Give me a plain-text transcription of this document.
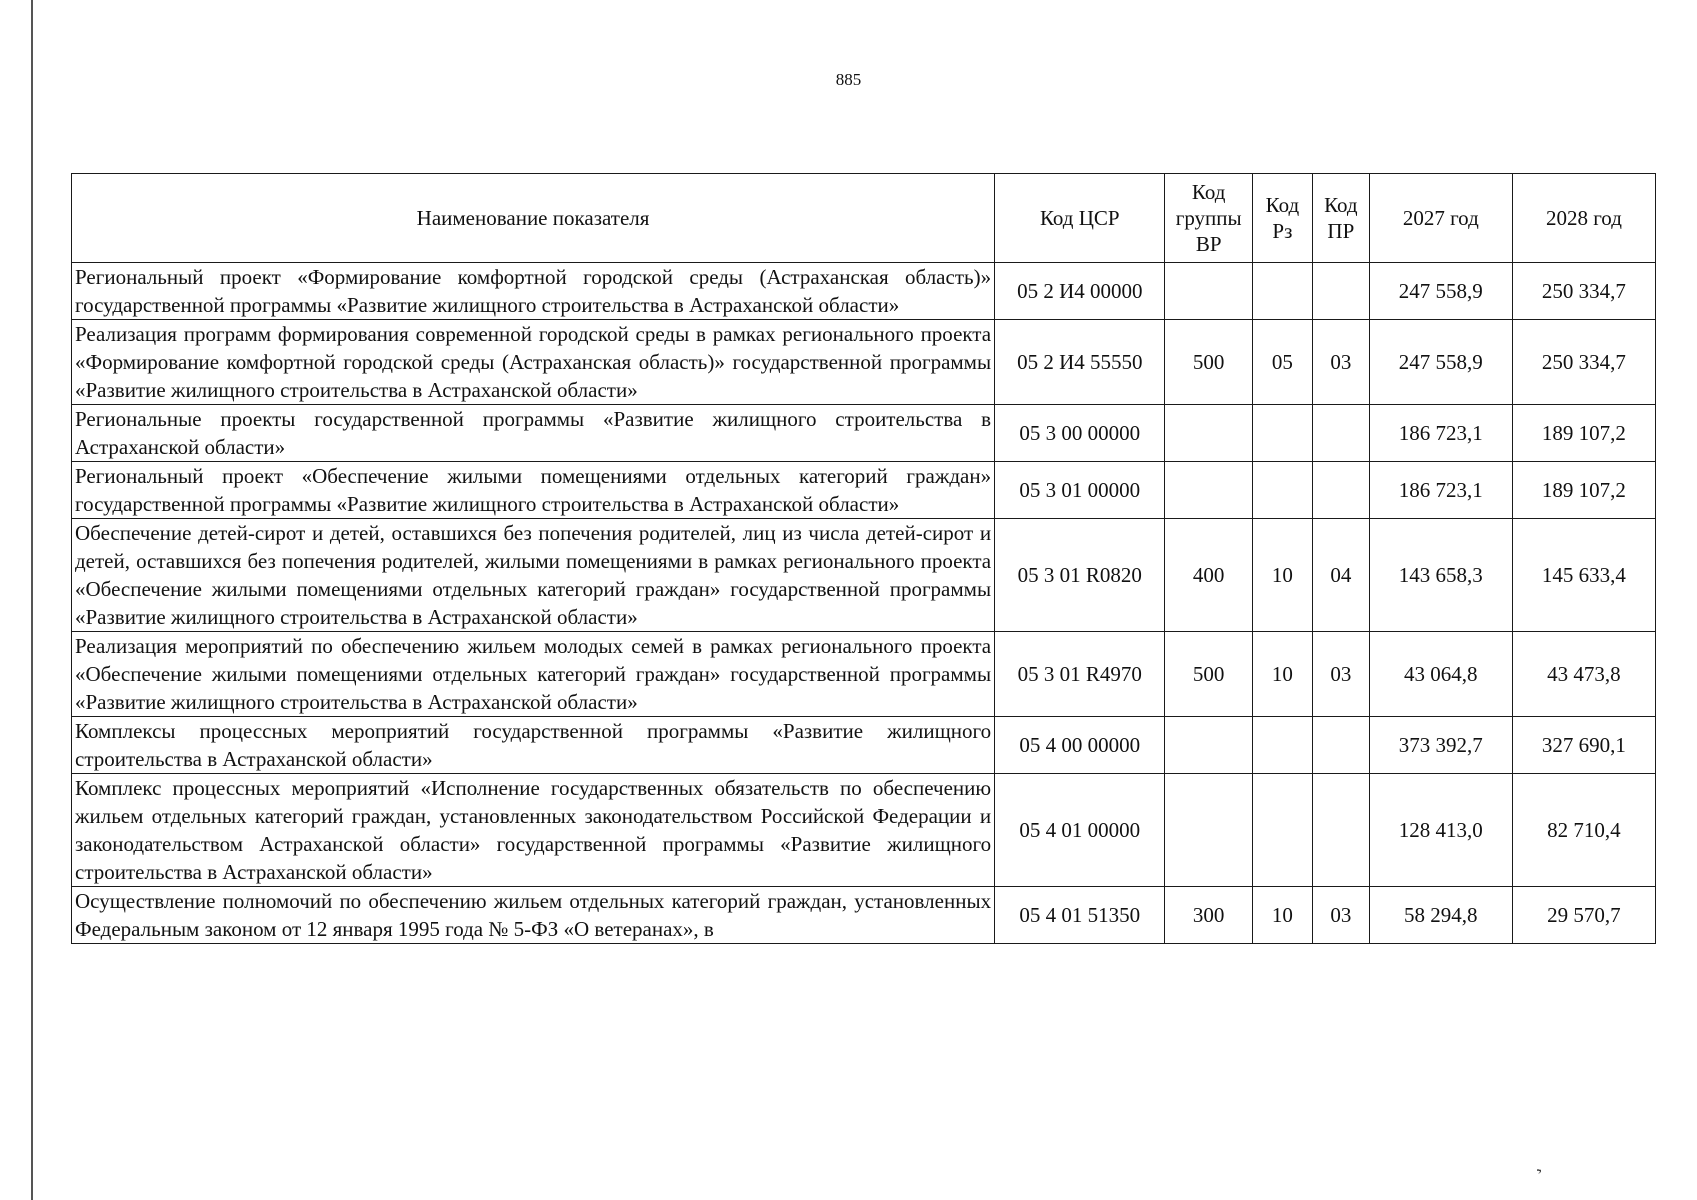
885
Наименование показателя	Код ЦСР	Код группы ВР	Код Рз	Код ПР	2027 год	2028 год
Региональный проект «Формирование комфортной городской среды (Астраханская область)» государственной программы «Развитие жилищного строительства в Астраханской области»	05 2 И4 00000				247 558,9	250 334,7
Реализация программ формирования современной городской среды в рамках регионального проекта «Формирование комфортной городской среды (Астраханская область)» государственной программы «Развитие жилищного строительства в Астраханской области»	05 2 И4 55550	500	05	03	247 558,9	250 334,7
Региональные проекты государственной программы «Развитие жилищного строительства в Астраханской области»	05 3 00 00000				186 723,1	189 107,2
Региональный проект «Обеспечение жилыми помещениями отдельных категорий граждан» государственной программы «Развитие жилищного строительства в Астраханской области»	05 3 01 00000				186 723,1	189 107,2
Обеспечение детей-сирот и детей, оставшихся без попечения родителей, лиц из числа детей-сирот и детей, оставшихся без попечения родителей, жилыми помещениями в рамках регионального проекта «Обеспечение жилыми помещениями отдельных категорий граждан» государственной программы «Развитие жилищного строительства в Астраханской области»	05 3 01 R0820	400	10	04	143 658,3	145 633,4
Реализация мероприятий по обеспечению жильем молодых семей в рамках регионального проекта «Обеспечение жилыми помещениями отдельных категорий граждан» государственной программы «Развитие жилищного строительства в Астраханской области»	05 3 01 R4970	500	10	03	43 064,8	43 473,8
Комплексы процессных мероприятий государственной программы «Развитие жилищного строительства в Астраханской области»	05 4 00 00000				373 392,7	327 690,1
Комплекс процессных мероприятий «Исполнение государственных обязательств по обеспечению жильем отдельных категорий граждан, установленных законодательством Российской Федерации и законодательством Астраханской области» государственной программы «Развитие жилищного строительства в Астраханской области»	05 4 01 00000				128 413,0	82 710,4
Осуществление полномочий по обеспечению жильем отдельных категорий граждан, установленных Федеральным законом от 12 января 1995 года № 5-ФЗ «О ветеранах», в	05 4 01 51350	300	10	03	58 294,8	29 570,7
.,
